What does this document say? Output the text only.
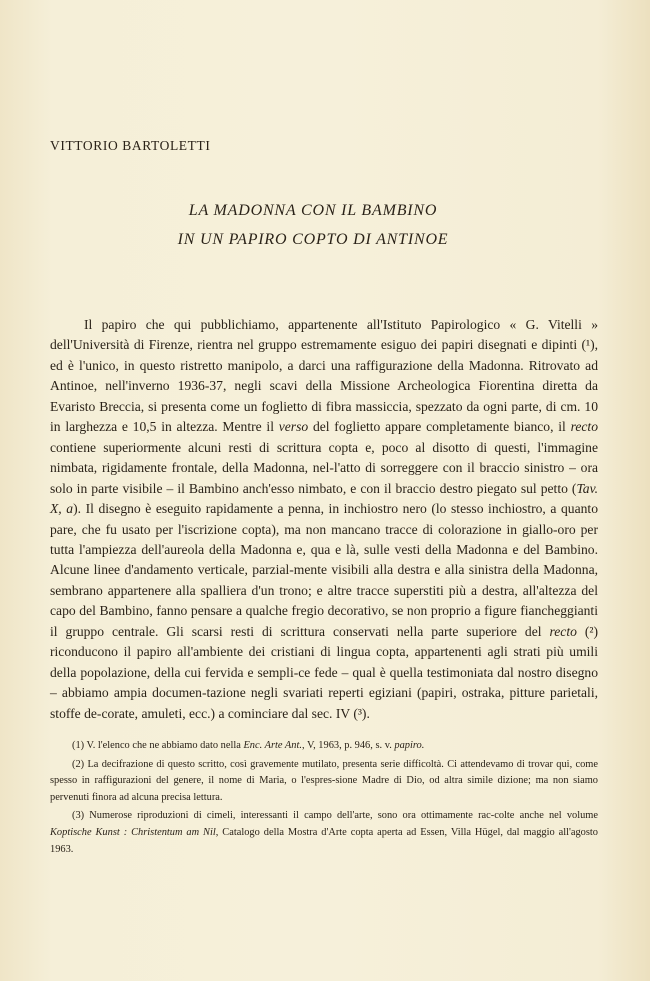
VITTORIO BARTOLETTI
LA MADONNA CON IL BAMBINO
IN UN PAPIRO COPTO DI ANTINOE

Il papiro che qui pubblichiamo, appartenente all'Istituto Papirologico « G. Vitelli » dell'Università di Firenze, rientra nel gruppo estremamente esiguo dei papiri disegnati e dipinti (¹), ed è l'unico, in questo ristretto manipolo, a darci una raffigurazione della Madonna. Ritrovato ad Antinoe, nell'inverno 1936-37, negli scavi della Missione Archeologica Fiorentina diretta da Evaristo Breccia, si presenta come un foglietto di fibra massiccia, spezzato da ogni parte, di cm. 10 in larghezza e 10,5 in altezza. Mentre il verso del foglietto appare completamente bianco, il recto contiene superiormente alcuni resti di scrittura copta e, poco al disotto di questi, l'immagine nimbata, rigidamente frontale, della Madonna, nel-l'atto di sorreggere con il braccio sinistro – ora solo in parte visibile – il Bambino anch'esso nimbato, e con il braccio destro piegato sul petto (Tav. X, a). Il disegno è eseguito rapidamente a penna, in inchiostro nero (lo stesso inchiostro, a quanto pare, che fu usato per l'iscrizione copta), ma non mancano tracce di colorazione in giallo-oro per tutta l'ampiezza dell'aureola della Madonna e, qua e là, sulle vesti della Madonna e del Bambino. Alcune linee d'andamento verticale, parzial-mente visibili alla destra e alla sinistra della Madonna, sembrano appartenere alla spalliera d'un trono; e altre tracce superstiti più a destra, all'altezza del capo del Bambino, fanno pensare a qualche fregio decorativo, se non proprio a figure fiancheggianti il gruppo centrale. Gli scarsi resti di scrittura conservati nella parte superiore del recto (²) riconducono il papiro all'ambiente dei cristiani di lingua copta, appartenenti agli strati più umili della popolazione, della cui fervida e sempli-ce fede – qual è quella testimoniata dal nostro disegno – abbiamo ampia documen-tazione negli svariati reperti egiziani (papiri, ostraka, pitture parietali, stoffe de-corate, amuleti, ecc.) a cominciare dal sec. IV (³).

(1) V. l'elenco che ne abbiamo dato nella Enc. Arte Ant., V, 1963, p. 946, s. v. papiro.

(2) La decifrazione di questo scritto, così gravemente mutilato, presenta serie difficoltà. Ci attendevamo di trovar qui, come spesso in raffigurazioni del genere, il nome di Maria, o l'espres-sione Madre di Dio, od altra simile dizione; ma non siamo pervenuti finora ad alcuna precisa lettura.

(3) Numerose riproduzioni di cimeli, interessanti il campo dell'arte, sono ora ottimamente rac-colte anche nel volume Koptische Kunst : Christentum am Nil, Catalogo della Mostra d'Arte copta aperta ad Essen, Villa Hügel, dal maggio all'agosto 1963.
